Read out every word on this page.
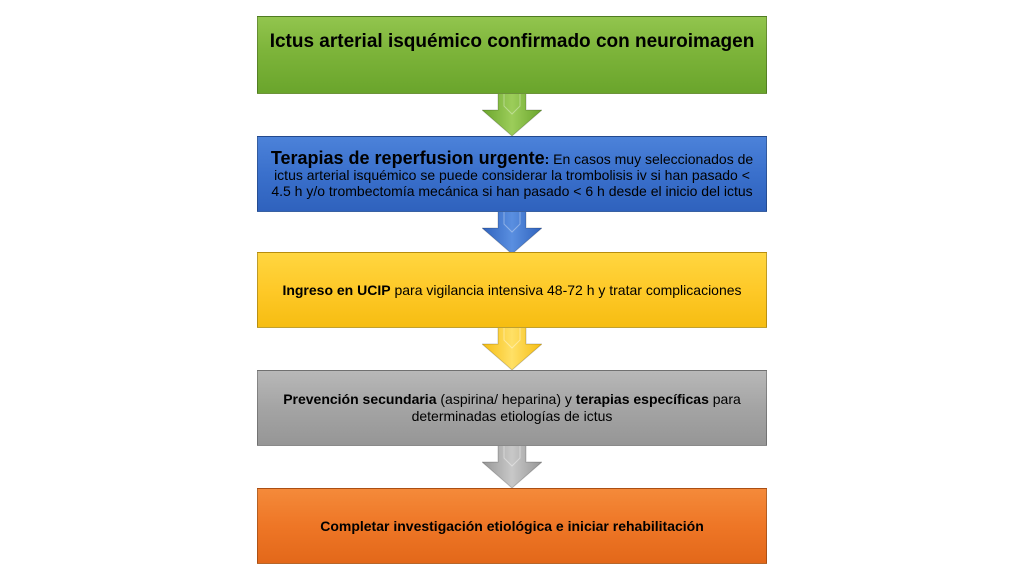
Ictus arterial isquémico confirmado con neuroimagen

Terapias de reperfusion urgente: En casos muy seleccionados de ictus arterial isquémico se puede considerar la trombolisis iv si han pasado < 4.5 h y/o trombectomía mecánica si han pasado < 6 h desde el inicio del ictus

Ingreso en UCIP para vigilancia intensiva 48-72 h y tratar complicaciones

Prevención secundaria (aspirina/ heparina) y terapias específicas para determinadas etiologías de ictus

Completar investigación etiológica e iniciar rehabilitación
